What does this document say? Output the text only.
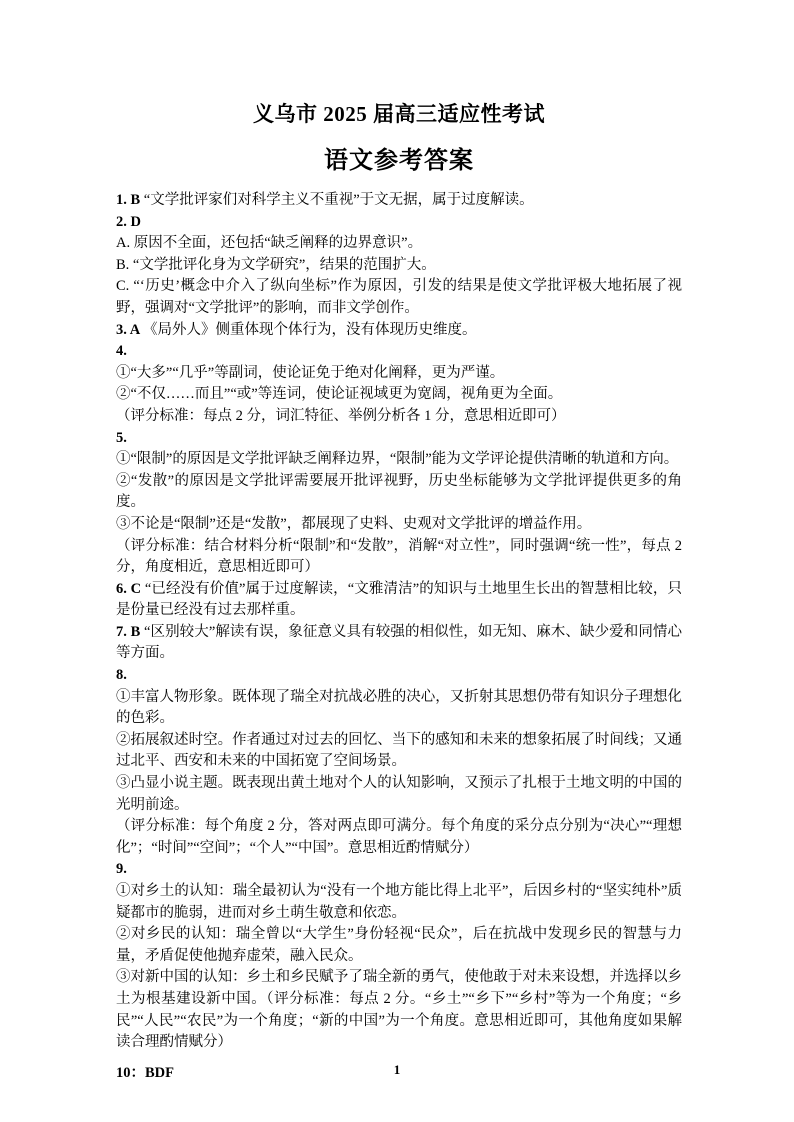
义乌市 2025 届高三适应性考试
语文参考答案

1. B “文学批评家们对科学主义不重视”于文无据，属于过度解读。

2. D

A. 原因不全面，还包括“缺乏阐释的边界意识”。

B. “文学批评化身为文学研究”，结果的范围扩大。

C. “‘历史’概念中介入了纵向坐标”作为原因，引发的结果是使文学批评极大地拓展了视野，强调对“文学批评”的影响，而非文学创作。

3. A 《局外人》侧重体现个体行为，没有体现历史维度。

4.

①“大多”“几乎”等副词，使论证免于绝对化阐释，更为严谨。

②“不仅……而且”“或”等连词，使论证视域更为宽阔，视角更为全面。

（评分标准：每点 2 分，词汇特征、举例分析各 1 分，意思相近即可）

5.

①“限制”的原因是文学批评缺乏阐释边界，“限制”能为文学评论提供清晰的轨道和方向。

②“发散”的原因是文学批评需要展开批评视野，历史坐标能够为文学批评提供更多的角度。

③不论是“限制”还是“发散”，都展现了史料、史观对文学批评的增益作用。

（评分标准：结合材料分析“限制”和“发散”，消解“对立性”，同时强调“统一性”，每点 2 分，角度相近，意思相近即可）

6. C “已经没有价值”属于过度解读，“文雅清洁”的知识与土地里生长出的智慧相比较，只是份量已经没有过去那样重。

7. B “区别较大”解读有误，象征意义具有较强的相似性，如无知、麻木、缺少爱和同情心等方面。

8.

①丰富人物形象。既体现了瑞全对抗战必胜的决心，又折射其思想仍带有知识分子理想化的色彩。

②拓展叙述时空。作者通过对过去的回忆、当下的感知和未来的想象拓展了时间线；又通过北平、西安和未来的中国拓宽了空间场景。

③凸显小说主题。既表现出黄土地对个人的认知影响，又预示了扎根于土地文明的中国的光明前途。

（评分标准：每个角度 2 分，答对两点即可满分。每个角度的采分点分别为“决心”“理想化”；“时间”“空间”；“个人”“中国”。意思相近酌情赋分）

9.

①对乡土的认知：瑞全最初认为“没有一个地方能比得上北平”，后因乡村的“坚实纯朴”质疑都市的脆弱，进而对乡土萌生敬意和依恋。

②对乡民的认知：瑞全曾以“大学生”身份轻视“民众”，后在抗战中发现乡民的智慧与力量，矛盾促使他抛弃虚荣，融入民众。

③对新中国的认知：乡土和乡民赋予了瑞全新的勇气，使他敢于对未来设想，并选择以乡土为根基建设新中国。（评分标准：每点 2 分。“乡土”“乡下”“乡村”等为一个角度；“乡民”“人民”“农民”为一个角度；“新的中国”为一个角度。意思相近即可，其他角度如果解读合理酌情赋分）

10：BDF	1
